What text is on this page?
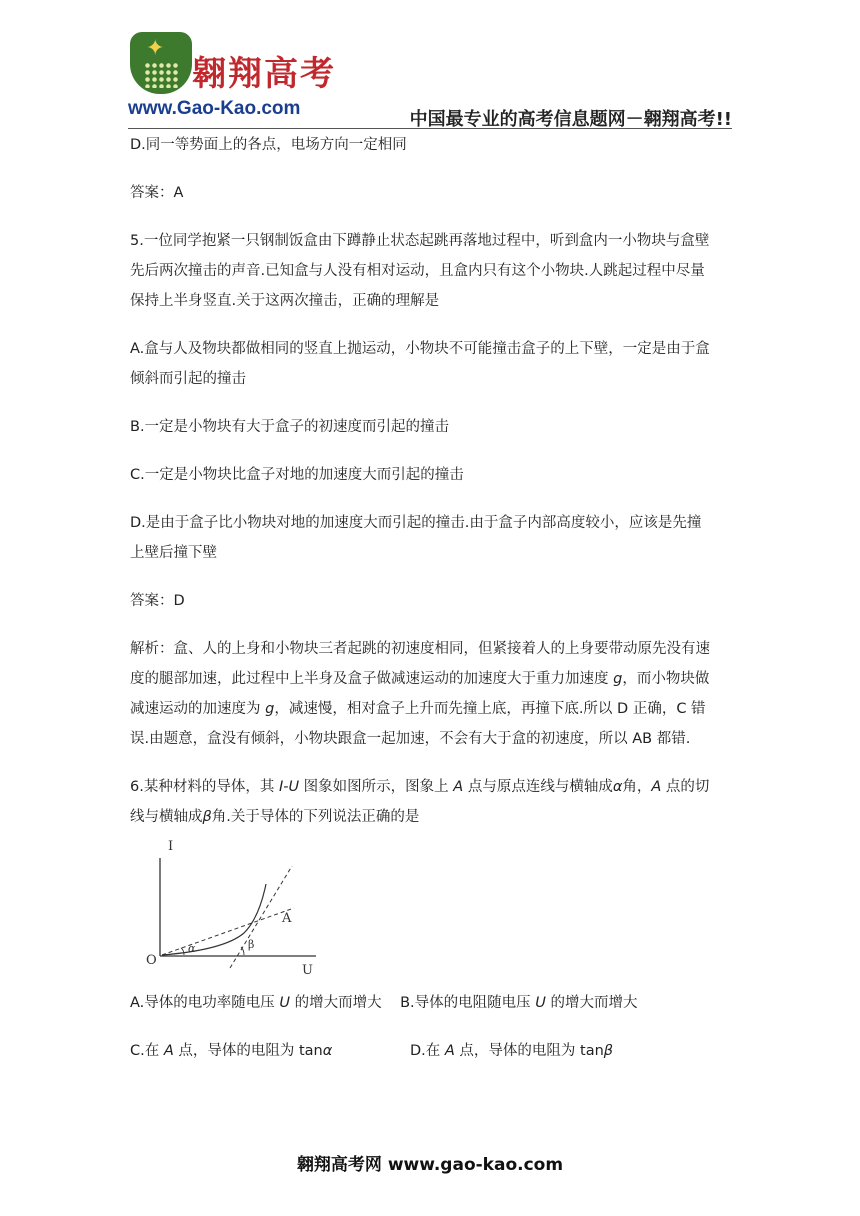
✦
翱翔高考
www.Gao-Kao.com
中国最专业的高考信息题网－翱翔高考!!

D.同一等势面上的各点，电场方向一定相同

答案：A

5.一位同学抱紧一只钢制饭盒由下蹲静止状态起跳再落地过程中，听到盒内一小物块与盒壁
先后两次撞击的声音.已知盒与人没有相对运动，且盒内只有这个小物块.人跳起过程中尽量
保持上半身竖直.关于这两次撞击，正确的理解是

A.盒与人及物块都做相同的竖直上抛运动，小物块不可能撞击盒子的上下壁，一定是由于盒
倾斜而引起的撞击

B.一定是小物块有大于盒子的初速度而引起的撞击

C.一定是小物块比盒子对地的加速度大而引起的撞击

D.是由于盒子比小物块对地的加速度大而引起的撞击.由于盒子内部高度较小，应该是先撞
上壁后撞下壁

答案：D

解析：盒、人的上身和小物块三者起跳的初速度相同，但紧接着人的上身要带动原先没有速
度的腿部加速，此过程中上半身及盒子做减速运动的加速度大于重力加速度 g，而小物块做
减速运动的加速度为 g，减速慢，相对盒子上升而先撞上底，再撞下底.所以 D 正确，C 错
误.由题意，盒没有倾斜，小物块跟盒一起加速，不会有大于盒的初速度，所以 AB 都错.

6.某种材料的导体，其 I-U 图象如图所示，图象上 A 点与原点连线与横轴成α角，A 点的切
线与横轴成β角.关于导体的下列说法正确的是

I
U
O
A
α	β

A.导体的电功率随电压 U 的增大而增大 B.导体的电阻随电压 U 的增大而增大

C.在 A 点，导体的电阻为 tanα	D.在 A 点，导体的电阻为 tanβ

翱翔高考网 www.gao-kao.com
